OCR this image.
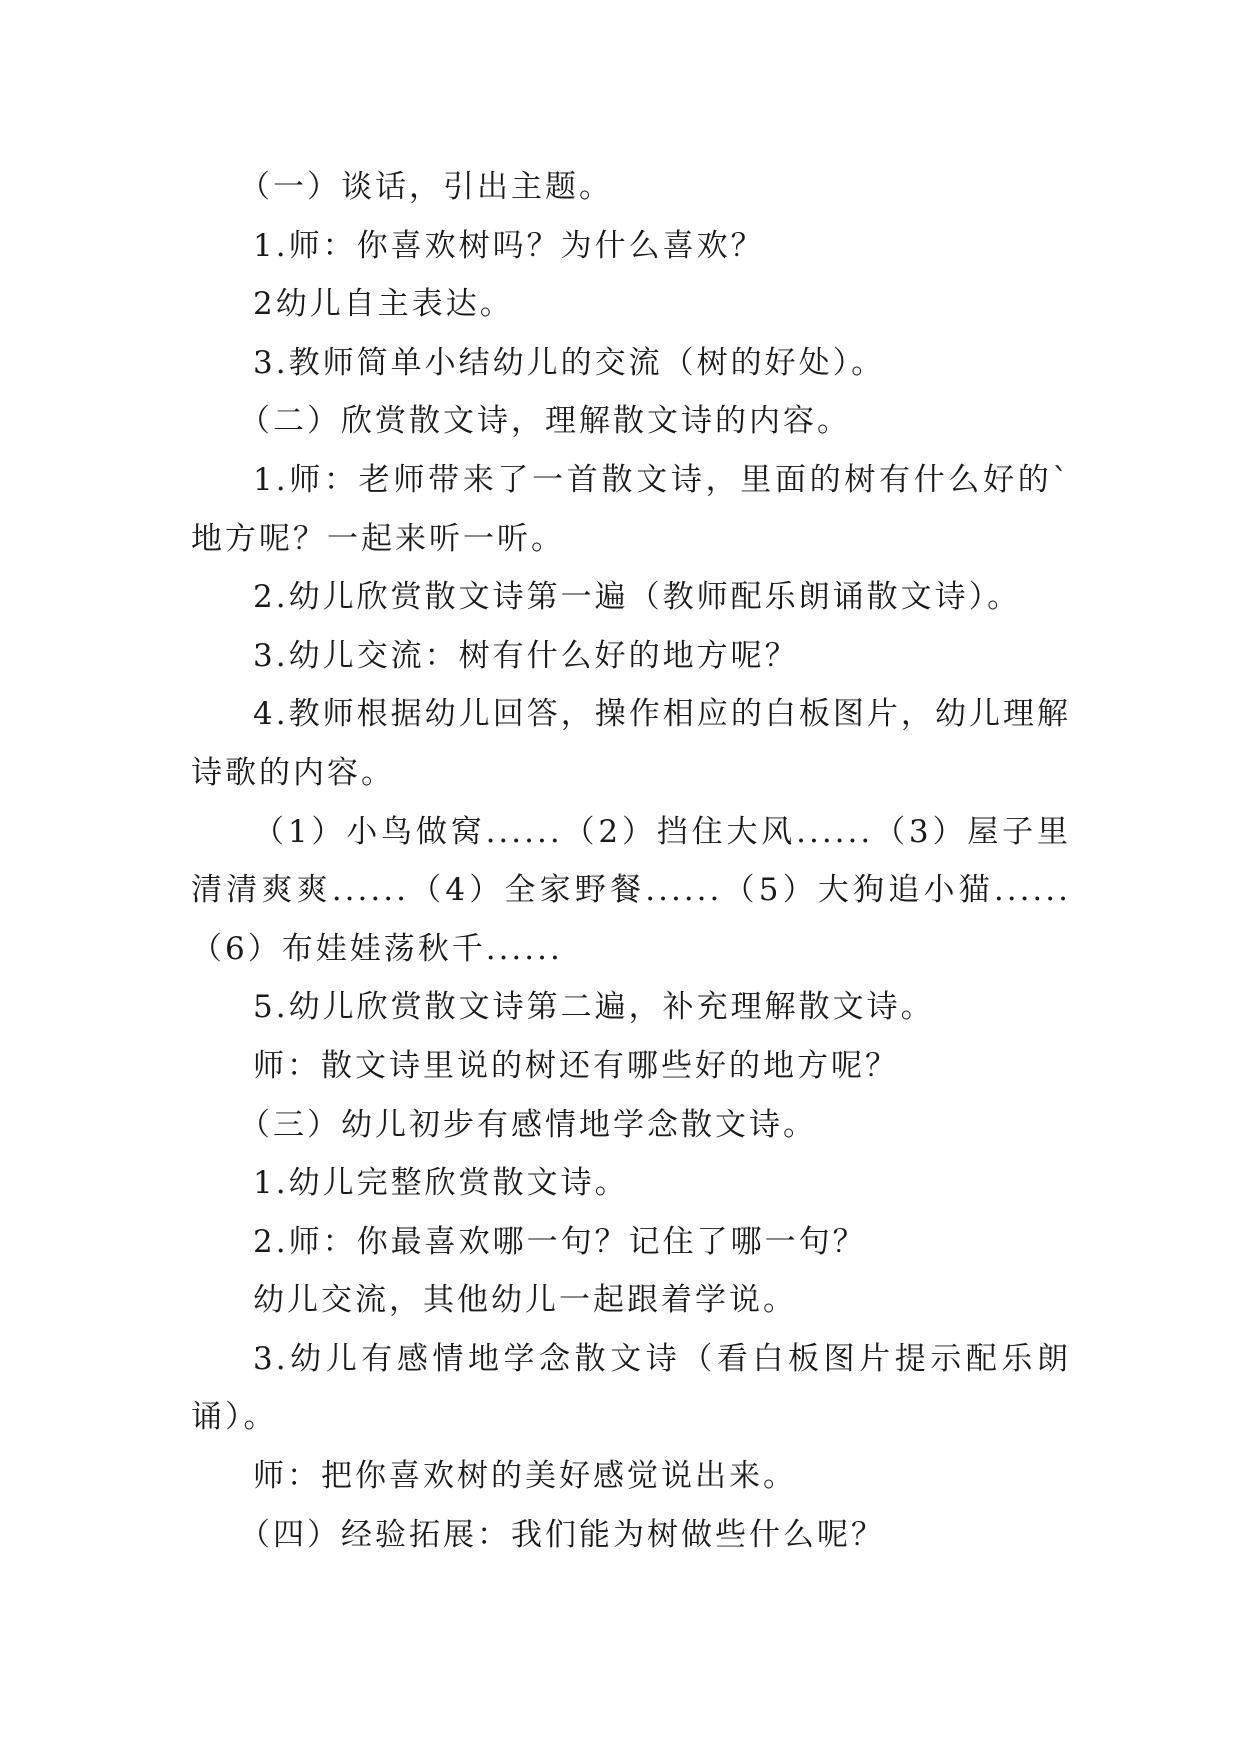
（一）谈话，引出主题。

1.师：你喜欢树吗？为什么喜欢？

2幼儿自主表达。

3.教师简单小结幼儿的交流（树的好处）。

（二）欣赏散文诗，理解散文诗的内容。

1.师：老师带来了一首散文诗，里面的树有什么好的`地方呢？一起来听一听。

2.幼儿欣赏散文诗第一遍（教师配乐朗诵散文诗）。

3.幼儿交流：树有什么好的地方呢？

4.教师根据幼儿回答，操作相应的白板图片，幼儿理解诗歌的内容。

（1）小鸟做窝......（2）挡住大风......（3）屋子里清清爽爽......（4）全家野餐......（5）大狗追小猫......（6）布娃娃荡秋千......

5.幼儿欣赏散文诗第二遍，补充理解散文诗。

师：散文诗里说的树还有哪些好的地方呢？

（三）幼儿初步有感情地学念散文诗。

1.幼儿完整欣赏散文诗。

2.师：你最喜欢哪一句？记住了哪一句？

幼儿交流，其他幼儿一起跟着学说。

3.幼儿有感情地学念散文诗（看白板图片提示配乐朗诵）。

师：把你喜欢树的美好感觉说出来。

（四）经验拓展：我们能为树做些什么呢？
